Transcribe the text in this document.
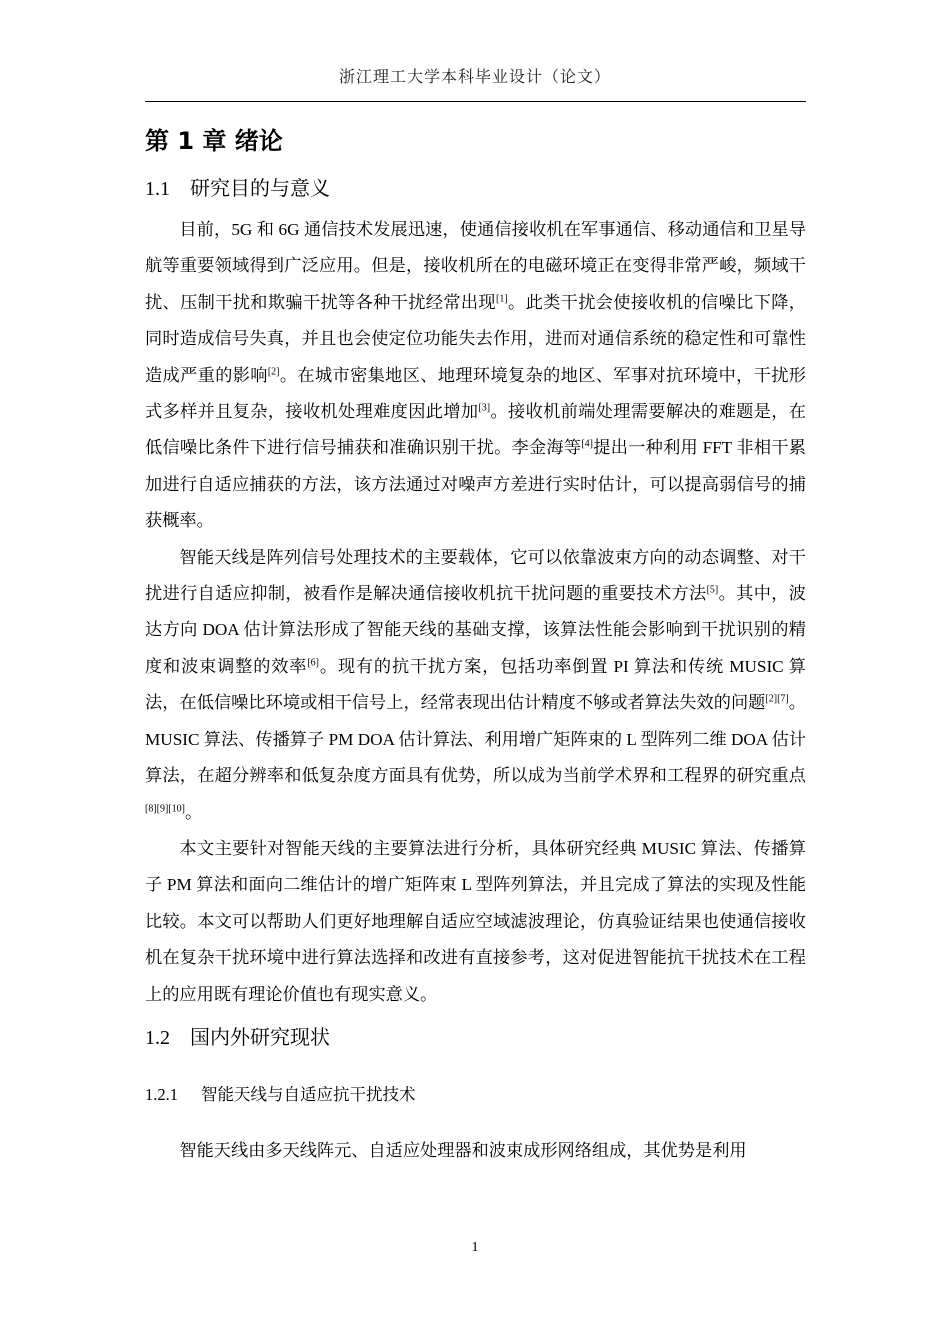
浙江理工大学本科毕业设计（论文）
第 1 章 绪论
1.1 研究目的与意义

目前，5G 和 6G 通信技术发展迅速，使通信接收机在军事通信、移动通信和卫星导航等重要领域得到广泛应用。但是，接收机所在的电磁环境正在变得非常严峻，频域干扰、压制干扰和欺骗干扰等各种干扰经常出现[1]。此类干扰会使接收机的信噪比下降，同时造成信号失真，并且也会使定位功能失去作用，进而对通信系统的稳定性和可靠性造成严重的影响[2]。在城市密集地区、地理环境复杂的地区、军事对抗环境中，干扰形式多样并且复杂，接收机处理难度因此增加[3]。接收机前端处理需要解决的难题是，在低信噪比条件下进行信号捕获和准确识别干扰。李金海等[4]提出一种利用 FFT 非相干累加进行自适应捕获的方法，该方法通过对噪声方差进行实时估计，可以提高弱信号的捕获概率。

智能天线是阵列信号处理技术的主要载体，它可以依靠波束方向的动态调整、对干扰进行自适应抑制，被看作是解决通信接收机抗干扰问题的重要技术方法[5]。其中，波达方向 DOA 估计算法形成了智能天线的基础支撑，该算法性能会影响到干扰识别的精度和波束调整的效率[6]。现有的抗干扰方案，包括功率倒置 PI 算法和传统 MUSIC 算法，在低信噪比环境或相干信号上，经常表现出估计精度不够或者算法失效的问题[2][7]。MUSIC 算法、传播算子 PM DOA 估计算法、利用增广矩阵束的 L 型阵列二维 DOA 估计算法，在超分辨率和低复杂度方面具有优势，所以成为当前学术界和工程界的研究重点[8][9][10]。

本文主要针对智能天线的主要算法进行分析，具体研究经典 MUSIC 算法、传播算子 PM 算法和面向二维估计的增广矩阵束 L 型阵列算法，并且完成了算法的实现及性能比较。本文可以帮助人们更好地理解自适应空域滤波理论，仿真验证结果也使通信接收机在复杂干扰环境中进行算法选择和改进有直接参考，这对促进智能抗干扰技术在工程上的应用既有理论价值也有现实意义。

1.2 国内外研究现状
1.2.1 智能天线与自适应抗干扰技术

智能天线由多天线阵元、自适应处理器和波束成形网络组成，其优势是利用

1
